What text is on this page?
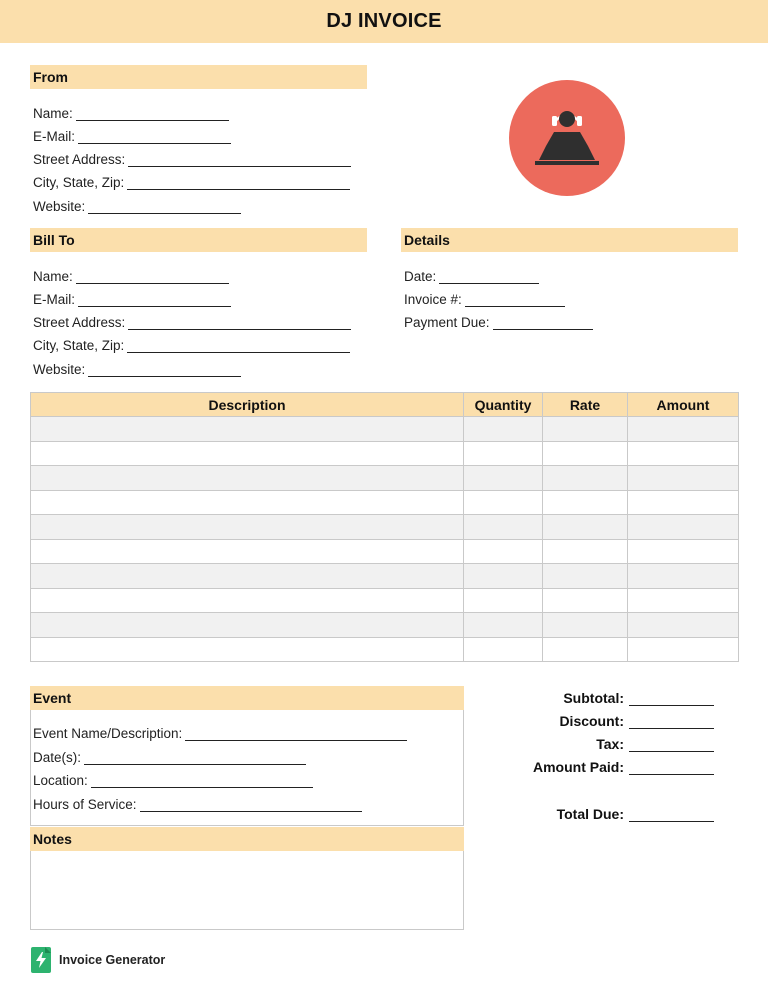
DJ INVOICE
From
Name:
E-Mail:
Street Address:
City, State, Zip:
Website:
Bill To
Name:
E-Mail:
Street Address:
City, State, Zip:
Website:
Details
Date:
Invoice #:
Payment Due:
Description	Quantity	Rate	Amount

Event
Event Name/Description:
Date(s):
Location:
Hours of Service:
Notes
Subtotal:
Discount:
Tax:
Amount Paid:
Total Due:
Invoice Generator
